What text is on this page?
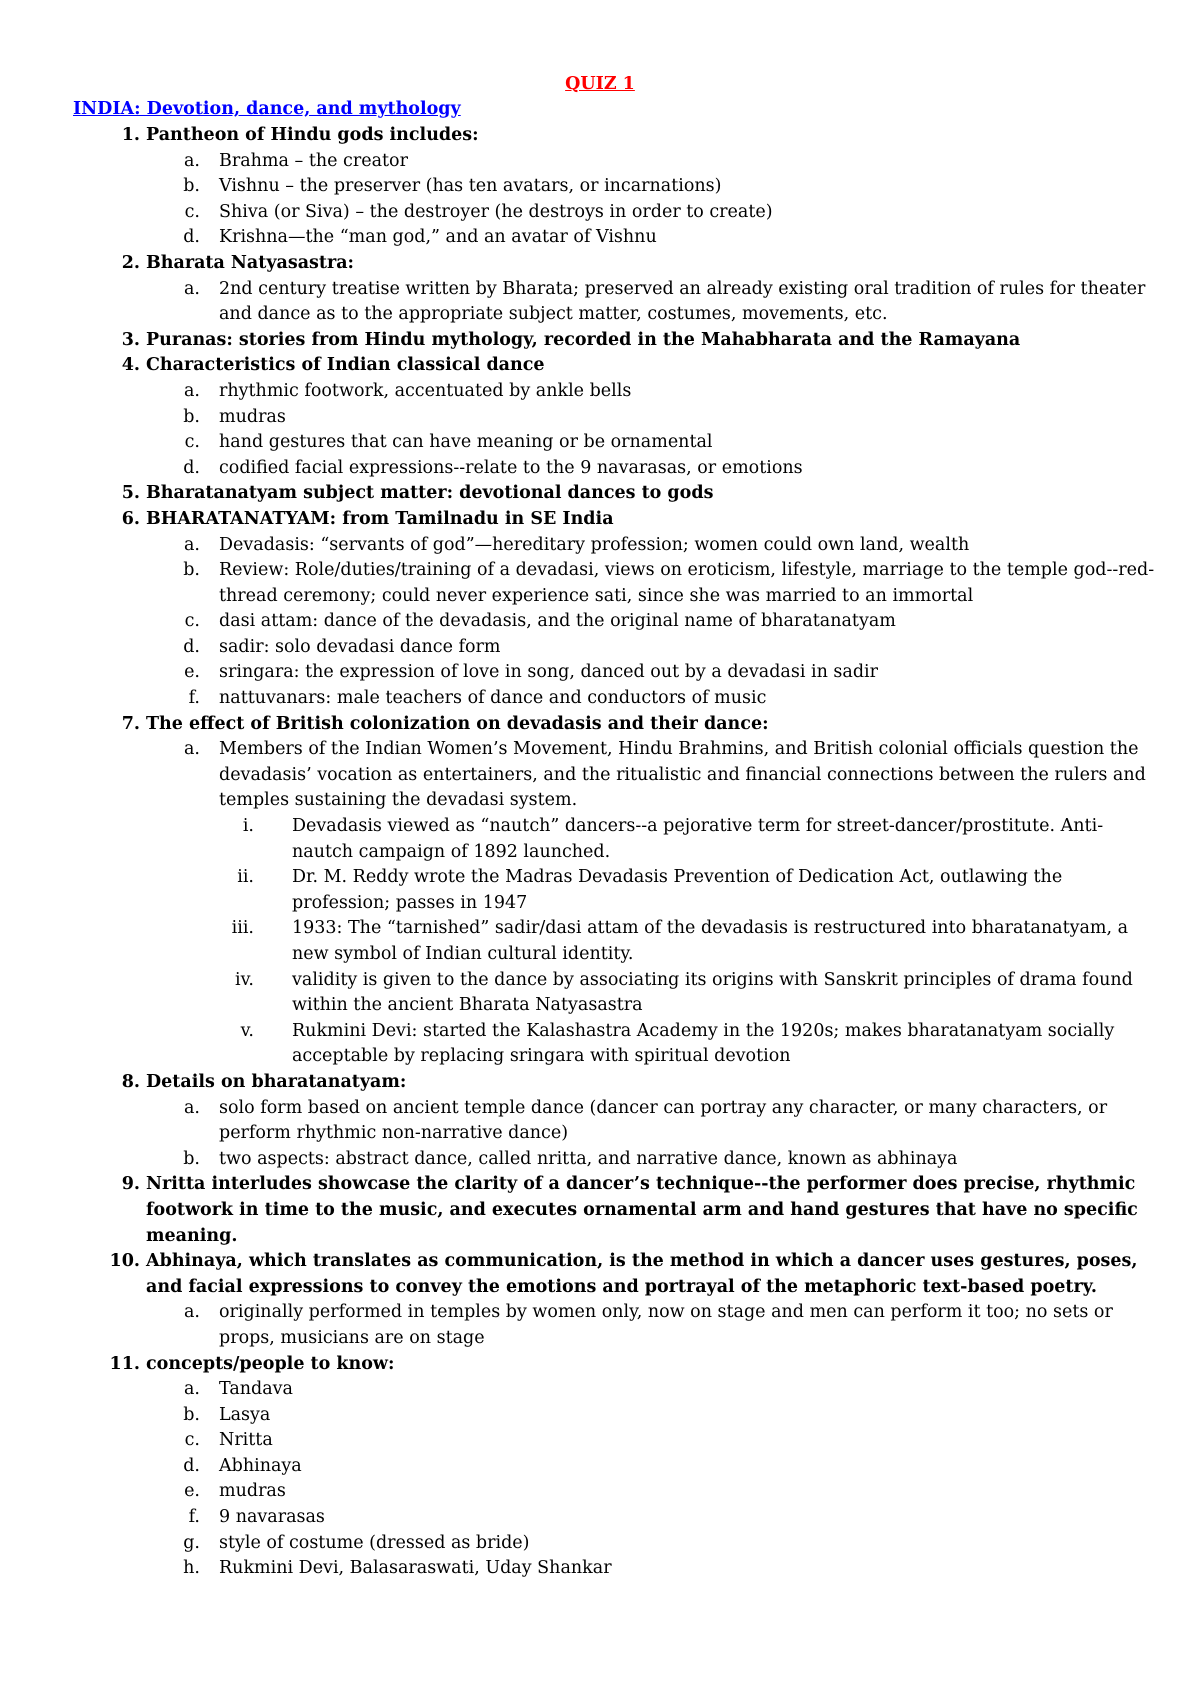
QUIZ 1
INDIA: Devotion, dance, and mythology
1. Pantheon of Hindu gods includes:
a. Brahma – the creator
b. Vishnu – the preserver (has ten avatars, or incarnations)
c. Shiva (or Siva) – the destroyer (he destroys in order to create)
d. Krishna—the “man god,” and an avatar of Vishnu
2. Bharata Natyasastra:
a. 2nd century treatise written by Bharata; preserved an already existing oral tradition of rules for theater and dance as to the appropriate subject matter, costumes, movements, etc.
3. Puranas: stories from Hindu mythology, recorded in the Mahabharata and the Ramayana
4. Characteristics of Indian classical dance
a. rhythmic footwork, accentuated by ankle bells
b. mudras
c. hand gestures that can have meaning or be ornamental
d. codified facial expressions--relate to the 9 navarasas, or emotions
5. Bharatanatyam subject matter: devotional dances to gods
6. BHARATANATYAM: from Tamilnadu in SE India
a. Devadasis: “servants of god”—hereditary profession; women could own land, wealth
b. Review: Role/duties/training of a devadasi, views on eroticism, lifestyle, marriage to the temple god--red-thread ceremony; could never experience sati, since she was married to an immortal
c. dasi attam: dance of the devadasis, and the original name of bharatanatyam
d. sadir: solo devadasi dance form
e. sringara: the expression of love in song, danced out by a devadasi in sadir
f. nattuvanars: male teachers of dance and conductors of music
7. The effect of British colonization on devadasis and their dance:
a. Members of the Indian Women’s Movement, Hindu Brahmins, and British colonial officials question the devadasis’ vocation as entertainers, and the ritualistic and financial connections between the rulers and temples sustaining the devadasi system.
i. Devadasis viewed as “nautch” dancers--a pejorative term for street-dancer/prostitute. Anti-nautch campaign of 1892 launched.
ii. Dr. M. Reddy wrote the Madras Devadasis Prevention of Dedication Act, outlawing the profession; passes in 1947
iii. 1933: The “tarnished” sadir/dasi attam of the devadasis is restructured into bharatanatyam, a new symbol of Indian cultural identity.
iv. validity is given to the dance by associating its origins with Sanskrit principles of drama found within the ancient Bharata Natyasastra
v. Rukmini Devi: started the Kalashastra Academy in the 1920s; makes bharatanatyam socially acceptable by replacing sringara with spiritual devotion
8. Details on bharatanatyam:
a. solo form based on ancient temple dance (dancer can portray any character, or many characters, or perform rhythmic non-narrative dance)
b. two aspects: abstract dance, called nritta, and narrative dance, known as abhinaya
9. Nritta interludes showcase the clarity of a dancer’s technique--the performer does precise, rhythmic footwork in time to the music, and executes ornamental arm and hand gestures that have no specific meaning.
10. Abhinaya, which translates as communication, is the method in which a dancer uses gestures, poses, and facial expressions to convey the emotions and portrayal of the metaphoric text-based poetry.
a. originally performed in temples by women only, now on stage and men can perform it too; no sets or props, musicians are on stage
11. concepts/people to know:
a. Tandava
b. Lasya
c. Nritta
d. Abhinaya
e. mudras
f. 9 navarasas
g. style of costume (dressed as bride)
h. Rukmini Devi, Balasaraswati, Uday Shankar
